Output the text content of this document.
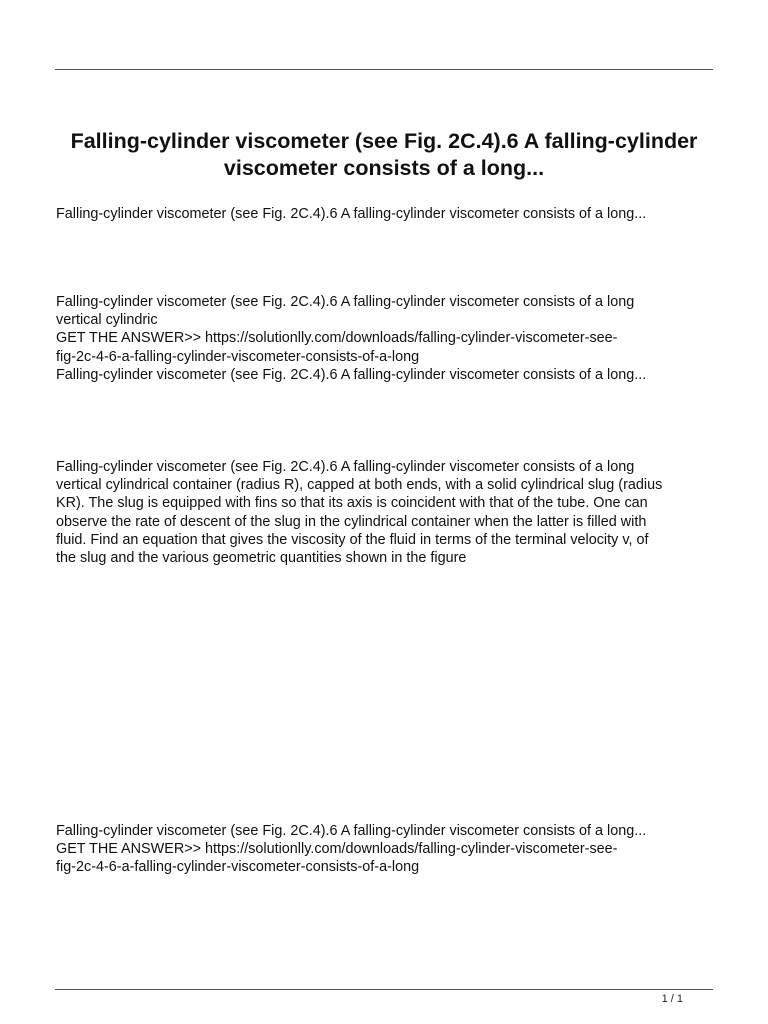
Falling-cylinder viscometer (see Fig. 2C.4).6 A falling-cylinder viscometer consists of a long...

Falling-cylinder viscometer (see Fig. 2C.4).6 A falling-cylinder viscometer consists of a long...

Falling-cylinder viscometer (see Fig. 2C.4).6 A falling-cylinder viscometer consists of a long
vertical cylindric
GET THE ANSWER>> https://solutionlly.com/downloads/falling-cylinder-viscometer-see-
fig-2c-4-6-a-falling-cylinder-viscometer-consists-of-a-long
Falling-cylinder viscometer (see Fig. 2C.4).6 A falling-cylinder viscometer consists of a long...

Falling-cylinder viscometer (see Fig. 2C.4).6 A falling-cylinder viscometer consists of a long
vertical cylindrical container (radius R), capped at both ends, with a solid cylindrical slug (radius
KR). The slug is equipped with fins so that its axis is coincident with that of the tube. One can
observe the rate of descent of the slug in the cylindrical container when the latter is filled with
fluid. Find an equation that gives the viscosity of the fluid in terms of the terminal velocity v, of
the slug and the various geometric quantities shown in the figure

Falling-cylinder viscometer (see Fig. 2C.4).6 A falling-cylinder viscometer consists of a long...
GET THE ANSWER>> https://solutionlly.com/downloads/falling-cylinder-viscometer-see-
fig-2c-4-6-a-falling-cylinder-viscometer-consists-of-a-long

1 / 1
